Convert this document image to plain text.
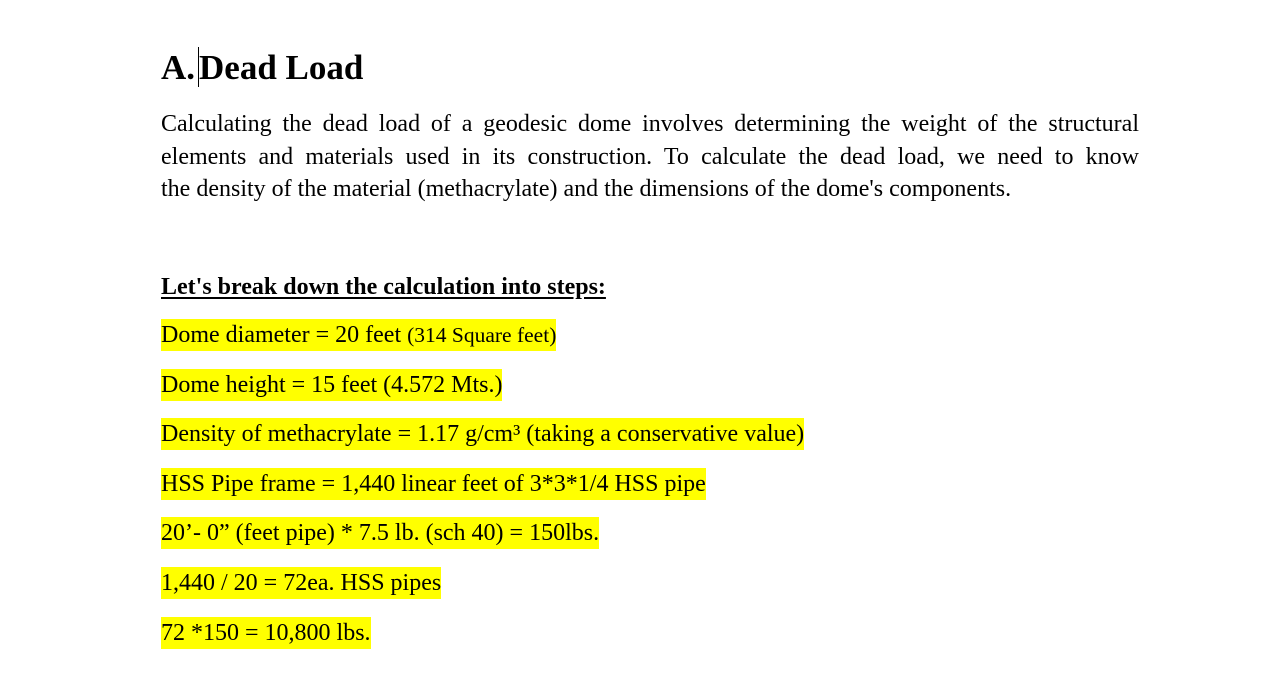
A. Dead Load

Calculating the dead load of a geodesic dome involves determining the weight of the structural
elements and materials used in its construction. To calculate the dead load, we need to know
the density of the material (methacrylate) and the dimensions of the dome's components.

Let's break down the calculation into steps:
Dome diameter = 20 feet (314 Square feet)
Dome height = 15 feet (4.572 Mts.)
Density of methacrylate = 1.17 g/cm³ (taking a conservative value)
HSS Pipe frame = 1,440 linear feet of 3*3*1/4 HSS pipe
20’- 0” (feet pipe) * 7.5 lb. (sch 40) = 150lbs.
1,440 / 20 = 72ea. HSS pipes
72 *150 = 10,800 lbs.
